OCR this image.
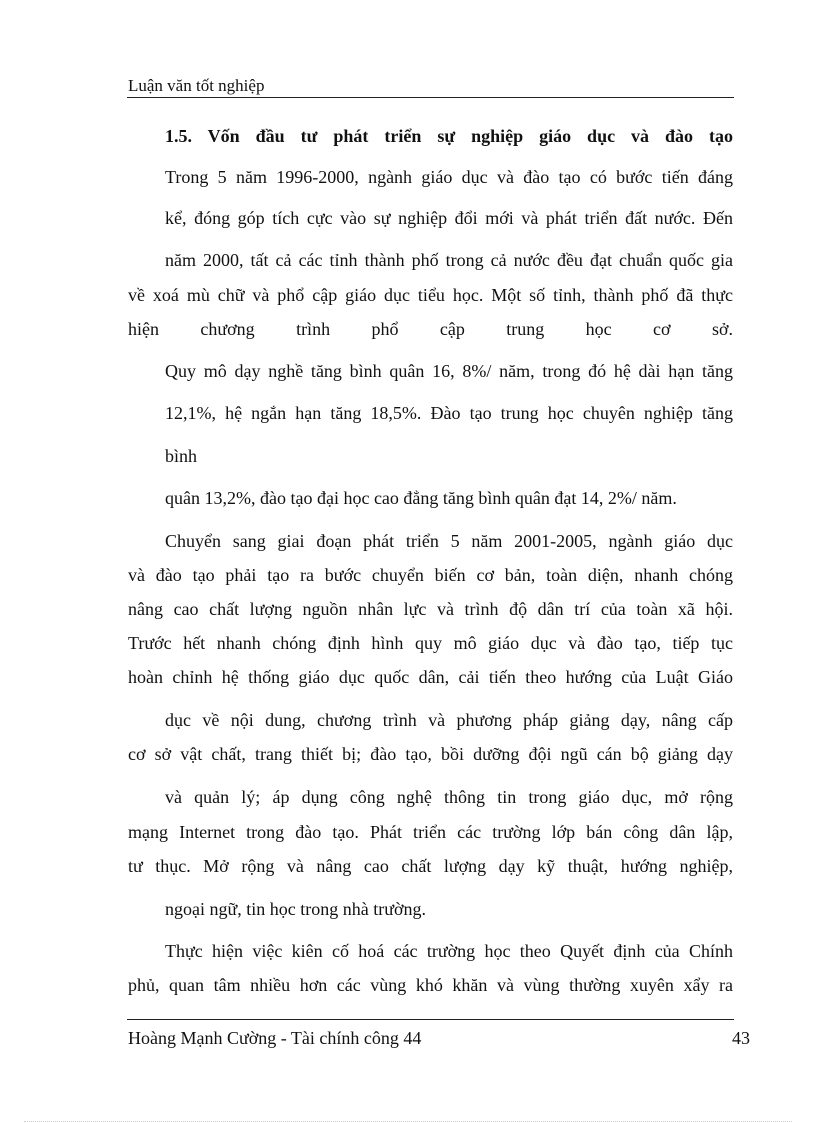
Luận văn tốt nghiệp
1.5. Vốn đầu tư phát triển sự nghiệp giáo dục và đào tạo
Trong 5 năm 1996-2000, ngành giáo dục và đào tạo có bước tiến đáng
kể, đóng góp tích cực vào sự nghiệp đổi mới và phát triển đất nước. Đến
năm 2000, tất cả các tỉnh thành phố trong cả nước đều đạt chuẩn quốc gia
về xoá mù chữ và phổ cập giáo dục tiểu học. Một số tỉnh, thành phố đã thực
hiện chương trình phổ cập trung học cơ sở.
Quy mô dạy nghề tăng bình quân 16, 8%/ năm, trong đó hệ dài hạn tăng
12,1%, hệ ngắn hạn tăng 18,5%. Đào tạo trung học chuyên nghiệp tăng
bình
quân 13,2%, đào tạo đại học cao đẳng tăng bình quân đạt 14, 2%/ năm.
Chuyển sang giai đoạn phát triển 5 năm 2001-2005, ngành giáo dục
và đào tạo phải tạo ra bước chuyển biến cơ bản, toàn diện, nhanh chóng
nâng cao chất lượng nguồn nhân lực và trình độ dân trí của toàn xã hội.
Trước hết nhanh chóng định hình quy mô giáo dục và đào tạo, tiếp tục
hoàn chỉnh hệ thống giáo dục quốc dân, cải tiến theo hướng của Luật Giáo
dục về nội dung, chương trình và phương pháp giảng dạy, nâng cấp
cơ sở vật chất, trang thiết bị; đào tạo, bồi dưỡng đội ngũ cán bộ giảng dạy
và quản lý; áp dụng công nghệ thông tin trong giáo dục, mở rộng
mạng Internet trong đào tạo. Phát triển các trường lớp bán công dân lập,
tư thục. Mở rộng và nâng cao chất lượng dạy kỹ thuật, hướng nghiệp,
ngoại ngữ, tin học trong nhà trường.
Thực hiện việc kiên cố hoá các trường học theo Quyết định của Chính
phủ, quan tâm nhiều hơn các vùng khó khăn và vùng thường xuyên xẩy ra
Hoàng Mạnh Cường - Tài chính công 44	43
